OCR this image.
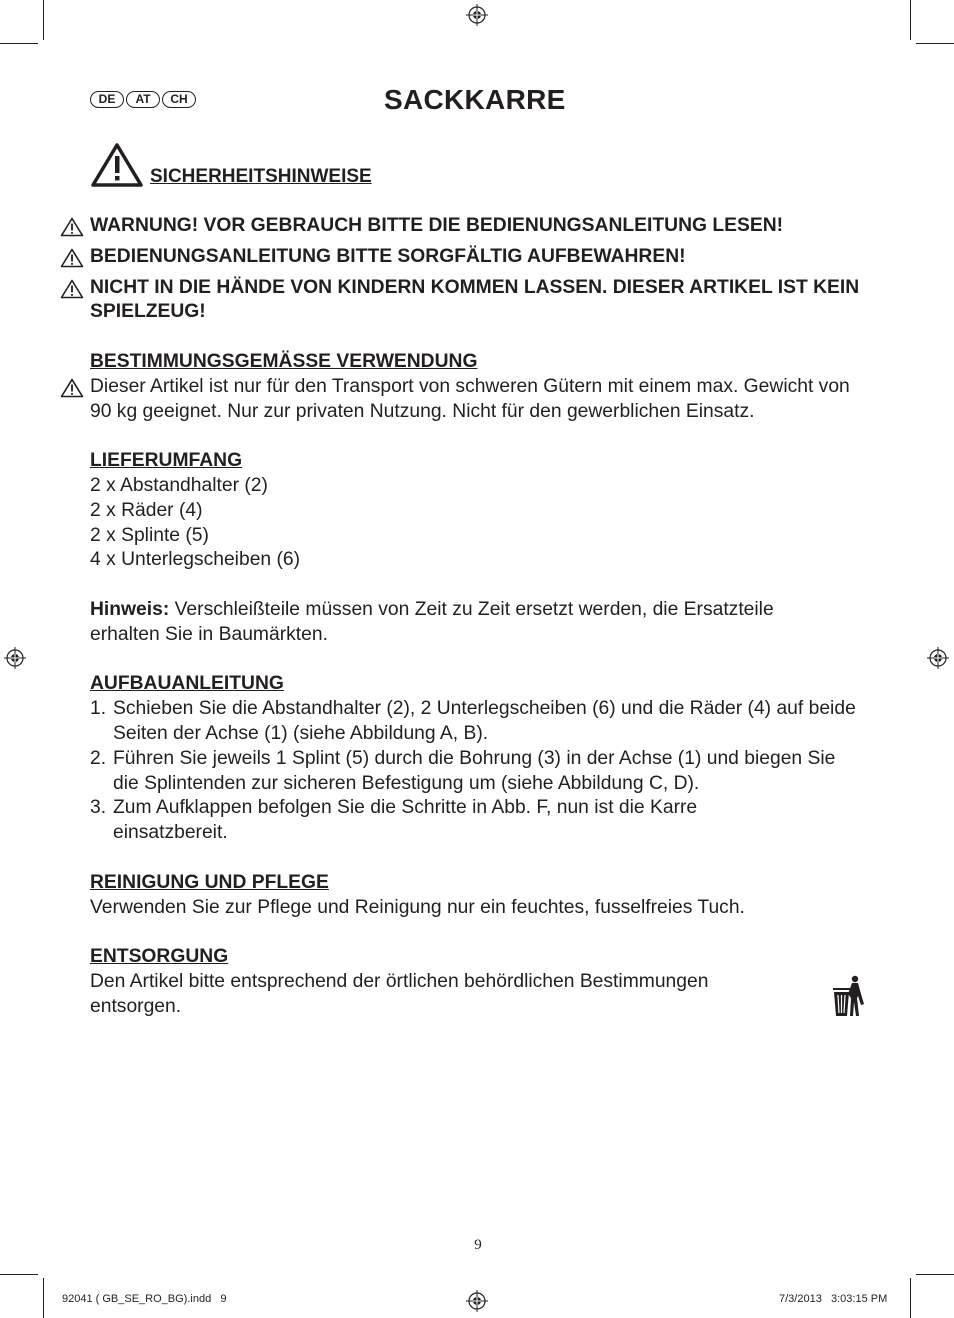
DE	AT	CH	SACKKARRE
SICHERHEITSHINWEISE
WARNUNG! VOR GEBRAUCH BITTE DIE BEDIENUNGSANLEITUNG LESEN!
BEDIENUNGSANLEITUNG BITTE SORGFÄLTIG AUFBEWAHREN!
NICHT IN DIE HÄNDE VON KINDERN KOMMEN LASSEN. DIESER ARTIKEL IST KEIN SPIELZEUG!
BESTIMMUNGSGEMÄSSE VERWENDUNG
Dieser Artikel ist nur für den Transport von schweren Gütern mit einem max. Gewicht von 90 kg geeignet. Nur zur privaten Nutzung. Nicht für den gewerblichen Einsatz.
LIEFERUMFANG
2 x Abstandhalter (2)
2 x Räder (4)
2 x Splinte (5)
4 x Unterlegscheiben (6)
Hinweis: Verschleißteile müssen von Zeit zu Zeit ersetzt werden, die Ersatzteile erhalten Sie in Baumärkten.
AUFBAUANLEITUNG
1. Schieben Sie die Abstandhalter (2), 2 Unterlegscheiben (6) und die Räder (4) auf beide Seiten der Achse (1) (siehe Abbildung A, B).
2. Führen Sie jeweils 1 Splint (5) durch die Bohrung (3) in der Achse (1) und biegen Sie die Splintenden zur sicheren Befestigung um (siehe Abbildung C, D).
3. Zum Aufklappen befolgen Sie die Schritte in Abb. F, nun ist die Karre einsatzbereit.
REINIGUNG UND PFLEGE
Verwenden Sie zur Pflege und Reinigung nur ein feuchtes, fusselfreies Tuch.
ENTSORGUNG
Den Artikel bitte entsprechend der örtlichen behördlichen Bestimmungen entsorgen.
9
92041 ( GB_SE_RO_BG).indd   9	7/3/2013   3:03:15 PM
